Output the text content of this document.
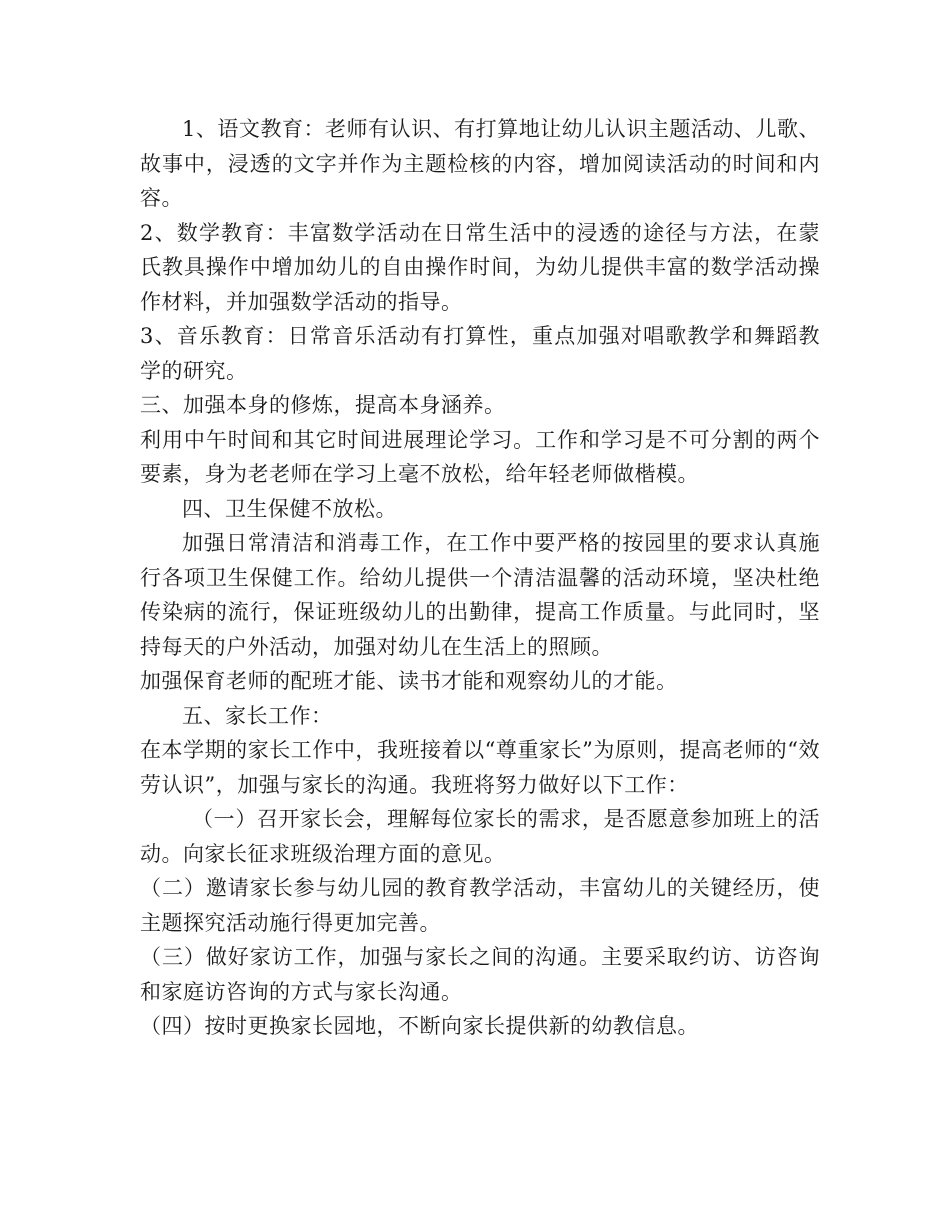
1、语文教育：老师有认识、有打算地让幼儿认识主题活动、儿歌、故事中，浸透的文字并作为主题检核的内容，增加阅读活动的时间和内容。

2、数学教育：丰富数学活动在日常生活中的浸透的途径与方法，在蒙氏教具操作中增加幼儿的自由操作时间，为幼儿提供丰富的数学活动操作材料，并加强数学活动的指导。

3、音乐教育：日常音乐活动有打算性，重点加强对唱歌教学和舞蹈教学的研究。

三、加强本身的修炼，提高本身涵养。

利用中午时间和其它时间进展理论学习。工作和学习是不可分割的两个要素，身为老老师在学习上毫不放松，给年轻老师做楷模。

四、卫生保健不放松。

加强日常清洁和消毒工作，在工作中要严格的按园里的要求认真施行各项卫生保健工作。给幼儿提供一个清洁温馨的活动环境，坚决杜绝传染病的流行，保证班级幼儿的出勤律，提高工作质量。与此同时，坚持每天的户外活动，加强对幼儿在生活上的照顾。

加强保育老师的配班才能、读书才能和观察幼儿的才能。

五、家长工作：

在本学期的家长工作中，我班接着以“尊重家长”为原则，提高老师的“效劳认识”，加强与家长的沟通。我班将努力做好以下工作：

（一）召开家长会，理解每位家长的需求，是否愿意参加班上的活动。向家长征求班级治理方面的意见。

（二）邀请家长参与幼儿园的教育教学活动，丰富幼儿的关键经历，使主题探究活动施行得更加完善。

（三）做好家访工作，加强与家长之间的沟通。主要采取约访、访咨询和家庭访咨询的方式与家长沟通。

（四）按时更换家长园地，不断向家长提供新的幼教信息。
